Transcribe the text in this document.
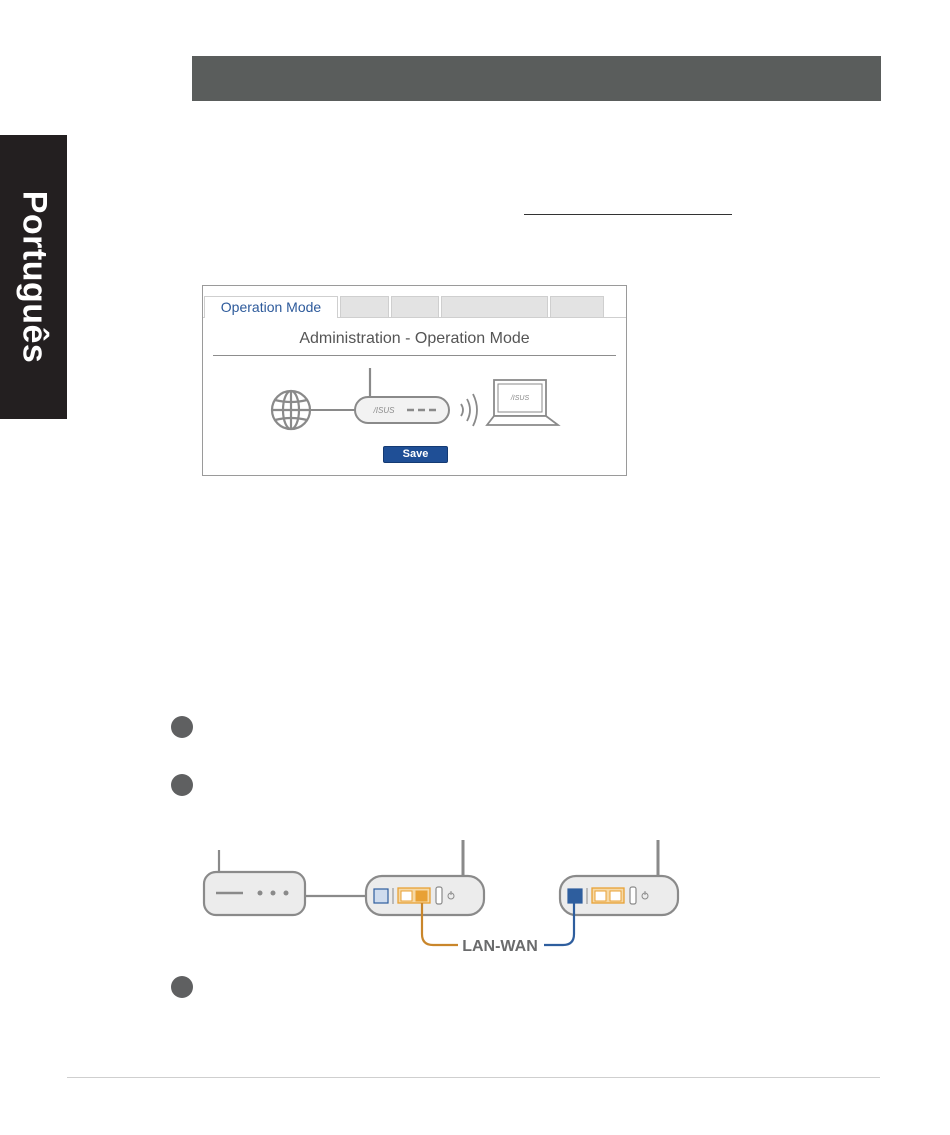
Português	Operation Mode
Administration - Operation Mode
/ISUS
/ISUS
Save
LAN-WAN
